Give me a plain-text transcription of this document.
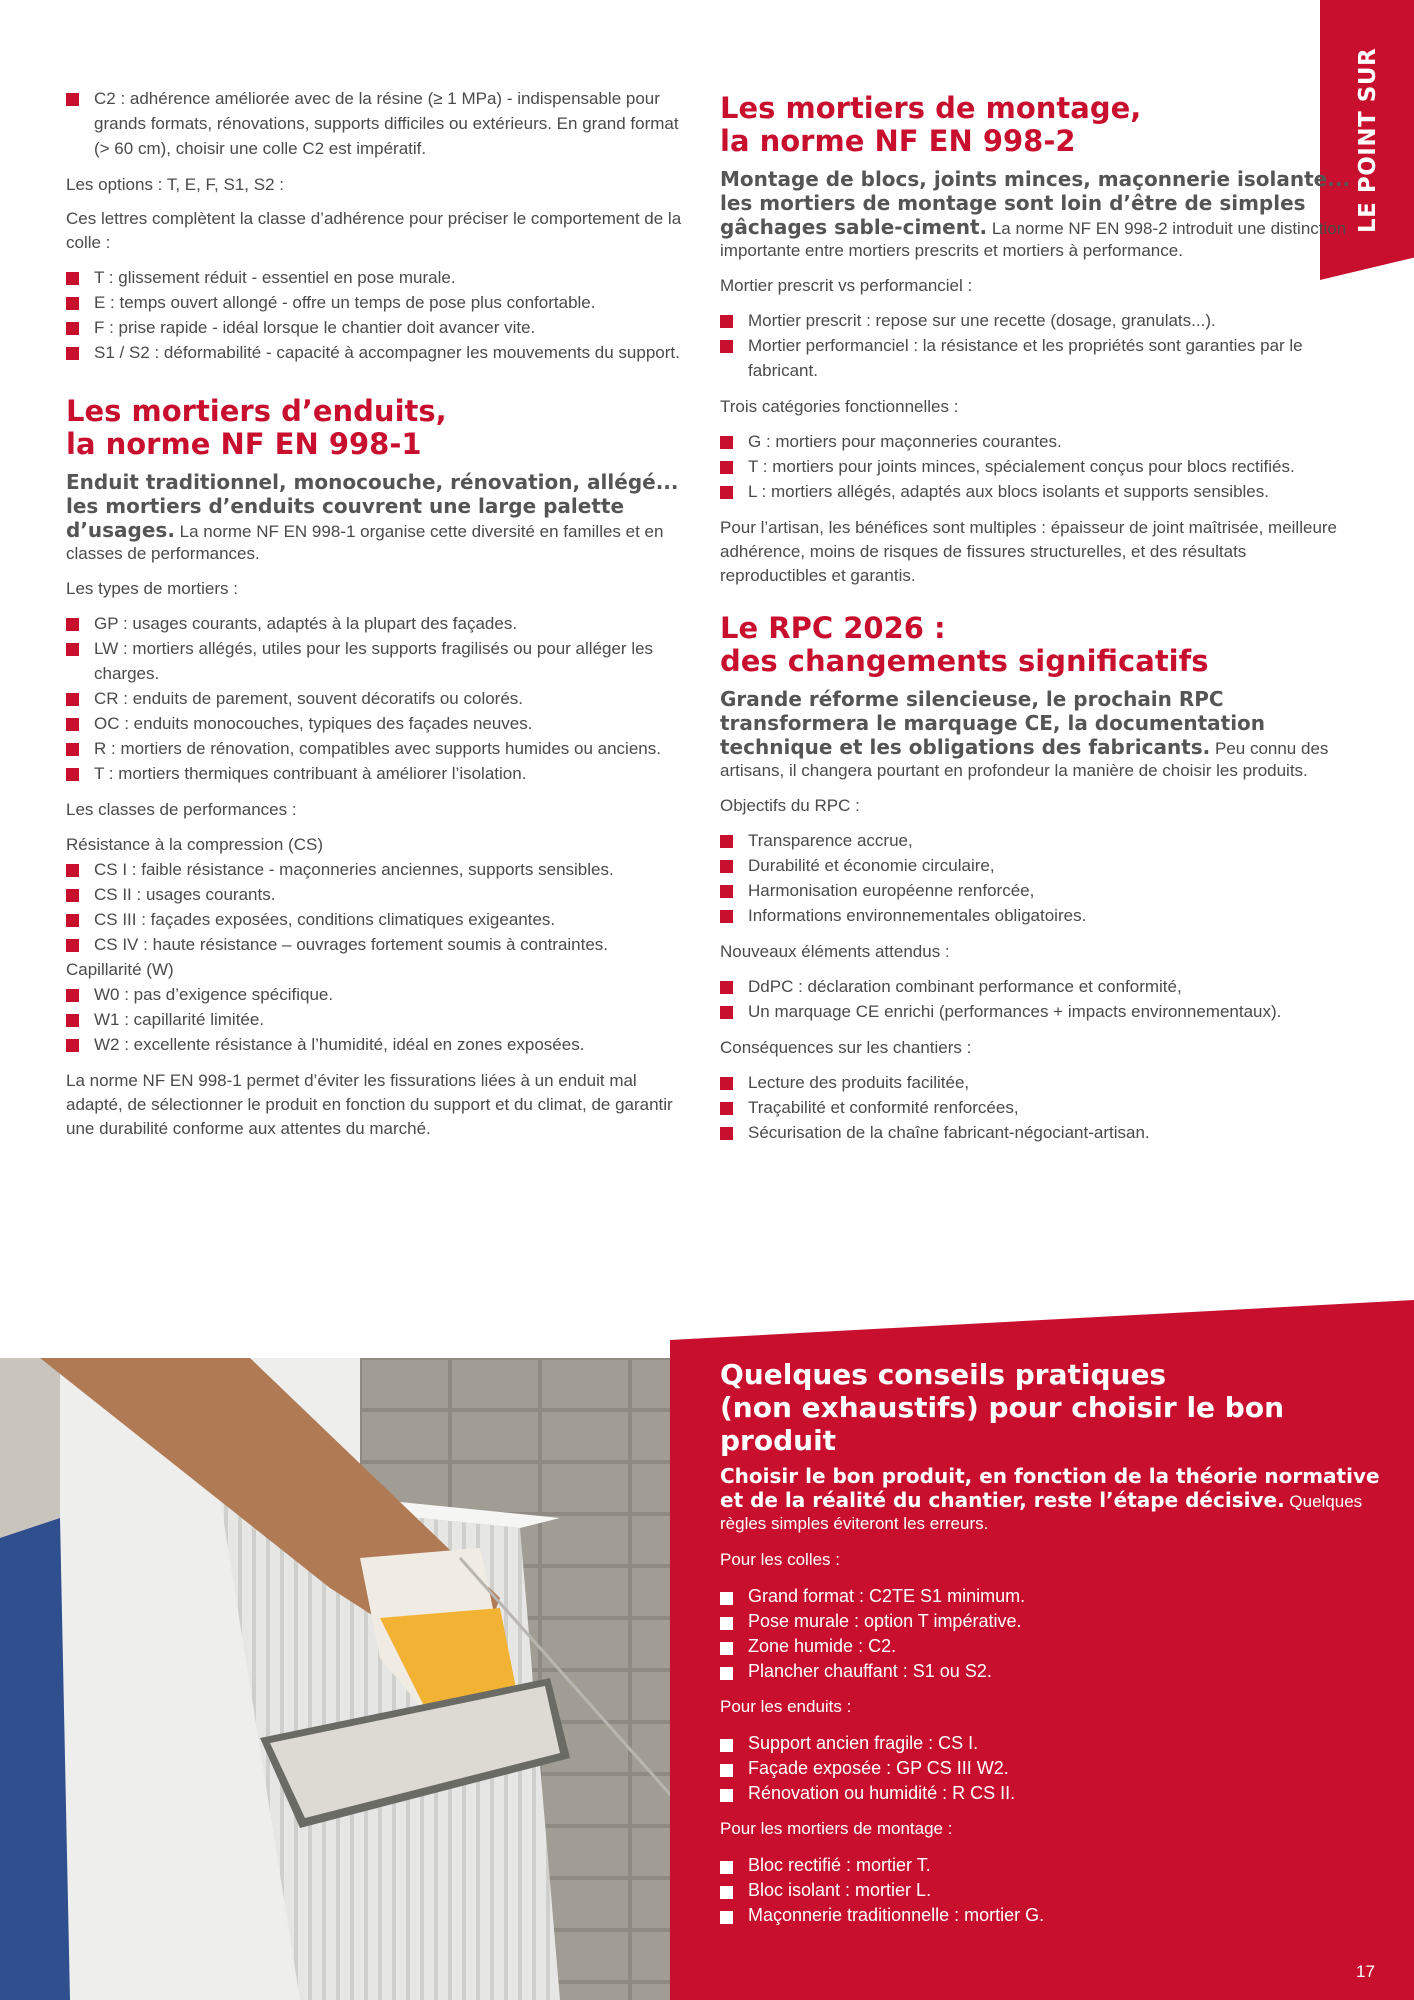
LE POINT SUR
C2 : adhérence améliorée avec de la résine (≥ 1 MPa) - indispensable pour grands formats, rénovations, supports difficiles ou extérieurs. En grand format (> 60 cm), choisir une colle C2 est impératif.

Les options : T, E, F, S1, S2 :

Ces lettres complètent la classe d’adhérence pour préciser le comportement de la colle :

T : glissement réduit - essentiel en pose murale.
E : temps ouvert allongé - offre un temps de pose plus confortable.
F : prise rapide - idéal lorsque le chantier doit avancer vite.
S1 / S2 : déformabilité - capacité à accompagner les mouvements du support.
Les mortiers d’enduits,
la norme NF EN 998-1

Enduit traditionnel, monocouche, rénovation, allégé... les mortiers d’enduits couvrent une large palette d’usages. La norme NF EN 998-1 organise cette diversité en familles et en classes de performances.

Les types de mortiers :

GP : usages courants, adaptés à la plupart des façades.
LW : mortiers allégés, utiles pour les supports fragilisés ou pour alléger les charges.
CR : enduits de parement, souvent décoratifs ou colorés.
OC : enduits monocouches, typiques des façades neuves.
R : mortiers de rénovation, compatibles avec supports humides ou anciens.
T : mortiers thermiques contribuant à améliorer l’isolation.

Les classes de performances :

Résistance à la compression (CS)
CS I : faible résistance - maçonneries anciennes, supports sensibles.
CS II : usages courants.
CS III : façades exposées, conditions climatiques exigeantes.
CS IV : haute résistance – ouvrages fortement soumis à contraintes.
Capillarité (W)
W0 : pas d’exigence spécifique.
W1 : capillarité limitée.
W2 : excellente résistance à l’humidité, idéal en zones exposées.

La norme NF EN 998-1 permet d’éviter les fissurations liées à un enduit mal adapté, de sélectionner le produit en fonction du support et du climat, de garantir une durabilité conforme aux attentes du marché.

Les mortiers de montage,
la norme NF EN 998-2

Montage de blocs, joints minces, maçonnerie isolante... les mortiers de montage sont loin d’être de simples gâchages sable-ciment. La norme NF EN 998-2 introduit une distinction importante entre mortiers prescrits et mortiers à performance.

Mortier prescrit vs performanciel :

Mortier prescrit : repose sur une recette (dosage, granulats...).
Mortier performanciel : la résistance et les propriétés sont garanties par le fabricant.

Trois catégories fonctionnelles :

G : mortiers pour maçonneries courantes.
T : mortiers pour joints minces, spécialement conçus pour blocs rectifiés.
L : mortiers allégés, adaptés aux blocs isolants et supports sensibles.

Pour l’artisan, les bénéfices sont multiples : épaisseur de joint maîtrisée, meilleure adhérence, moins de risques de fissures structurelles, et des résultats reproductibles et garantis.

Le RPC 2026 :
des changements significatifs

Grande réforme silencieuse, le prochain RPC transformera le marquage CE, la documentation technique et les obligations des fabricants. Peu connu des artisans, il changera pourtant en profondeur la manière de choisir les produits.

Objectifs du RPC :

Transparence accrue,
Durabilité et économie circulaire,
Harmonisation européenne renforcée,
Informations environnementales obligatoires.

Nouveaux éléments attendus :

DdPC : déclaration combinant performance et conformité,
Un marquage CE enrichi (performances + impacts environnementaux).

Conséquences sur les chantiers :

Lecture des produits facilitée,
Traçabilité et conformité renforcées,
Sécurisation de la chaîne fabricant-négociant-artisan.
Quelques conseils pratiques
(non exhaustifs) pour choisir le bon produit

Choisir le bon produit, en fonction de la théorie normative et de la réalité du chantier, reste l’étape décisive. Quelques règles simples éviteront les erreurs.

Pour les colles :
Grand format : C2TE S1 minimum.
Pose murale : option T impérative.
Zone humide : C2.
Plancher chauffant : S1 ou S2.
Pour les enduits :
Support ancien fragile : CS I.
Façade exposée : GP CS III W2.
Rénovation ou humidité : R CS II.
Pour les mortiers de montage :
Bloc rectifié : mortier T.
Bloc isolant : mortier L.
Maçonnerie traditionnelle : mortier G.
17
